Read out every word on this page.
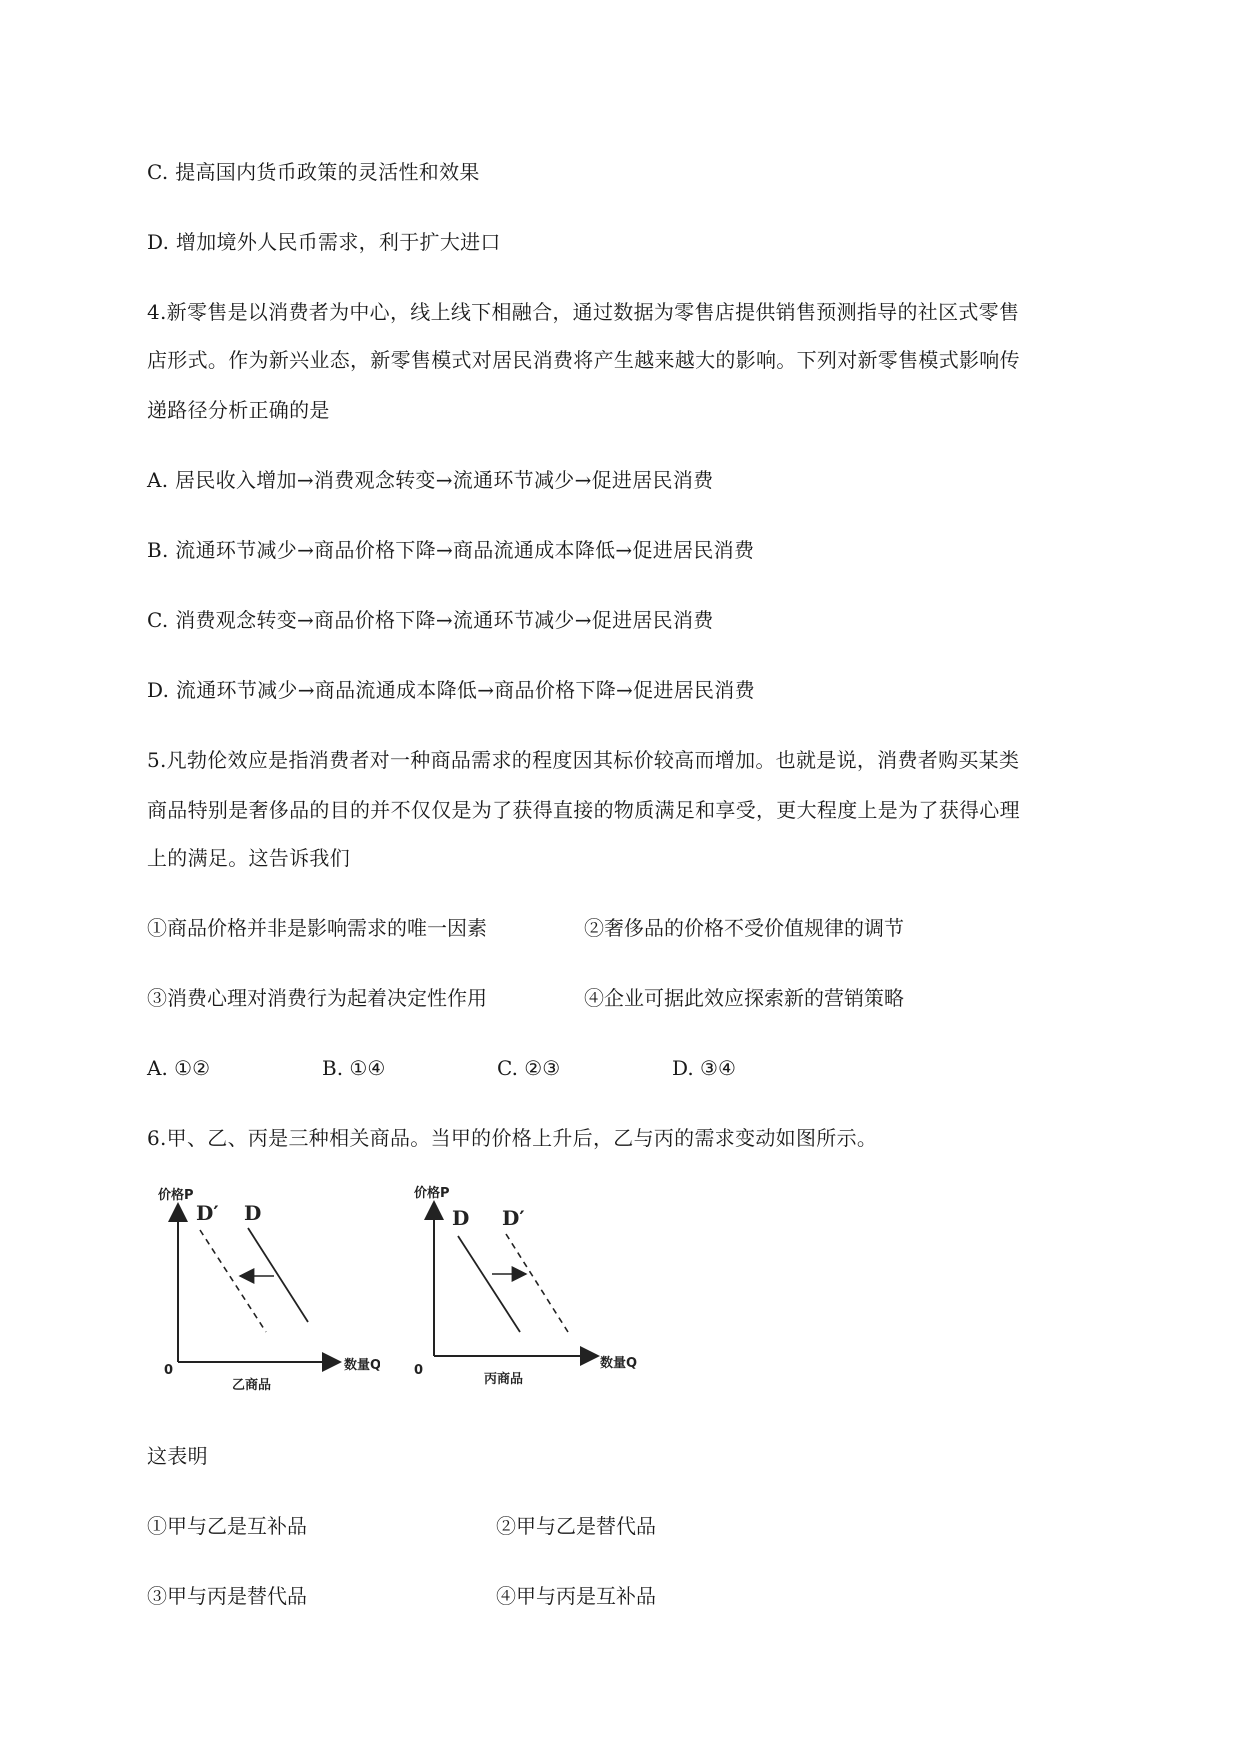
C. 提高国内货币政策的灵活性和效果
D. 增加境外人民币需求，利于扩大进口
4.新零售是以消费者为中心，线上线下相融合，通过数据为零售店提供销售预测指导的社区式零售
店形式。作为新兴业态，新零售模式对居民消费将产生越来越大的影响。下列对新零售模式影响传
递路径分析正确的是
A. 居民收入增加→消费观念转变→流通环节减少→促进居民消费
B. 流通环节减少→商品价格下降→商品流通成本降低→促进居民消费
C. 消费观念转变→商品价格下降→流通环节减少→促进居民消费
D. 流通环节减少→商品流通成本降低→商品价格下降→促进居民消费
5.凡勃伦效应是指消费者对一种商品需求的程度因其标价较高而增加。也就是说，消费者购买某类
商品特别是奢侈品的目的并不仅仅是为了获得直接的物质满足和享受，更大程度上是为了获得心理
上的满足。这告诉我们
①商品价格并非是影响需求的唯一因素	②奢侈品的价格不受价值规律的调节
③消费心理对消费行为起着决定性作用	④企业可据此效应探索新的营销策略
A. ①②	B. ①④	C. ②③	D. ③④
6.甲、乙、丙是三种相关商品。当甲的价格上升后，乙与丙的需求变动如图所示。
价格P
数量Q
0
乙商品
D′ D
价格P
数量Q
0
丙商品
D D′
这表明
①甲与乙是互补品	②甲与乙是替代品
③甲与丙是替代品	④甲与丙是互补品
